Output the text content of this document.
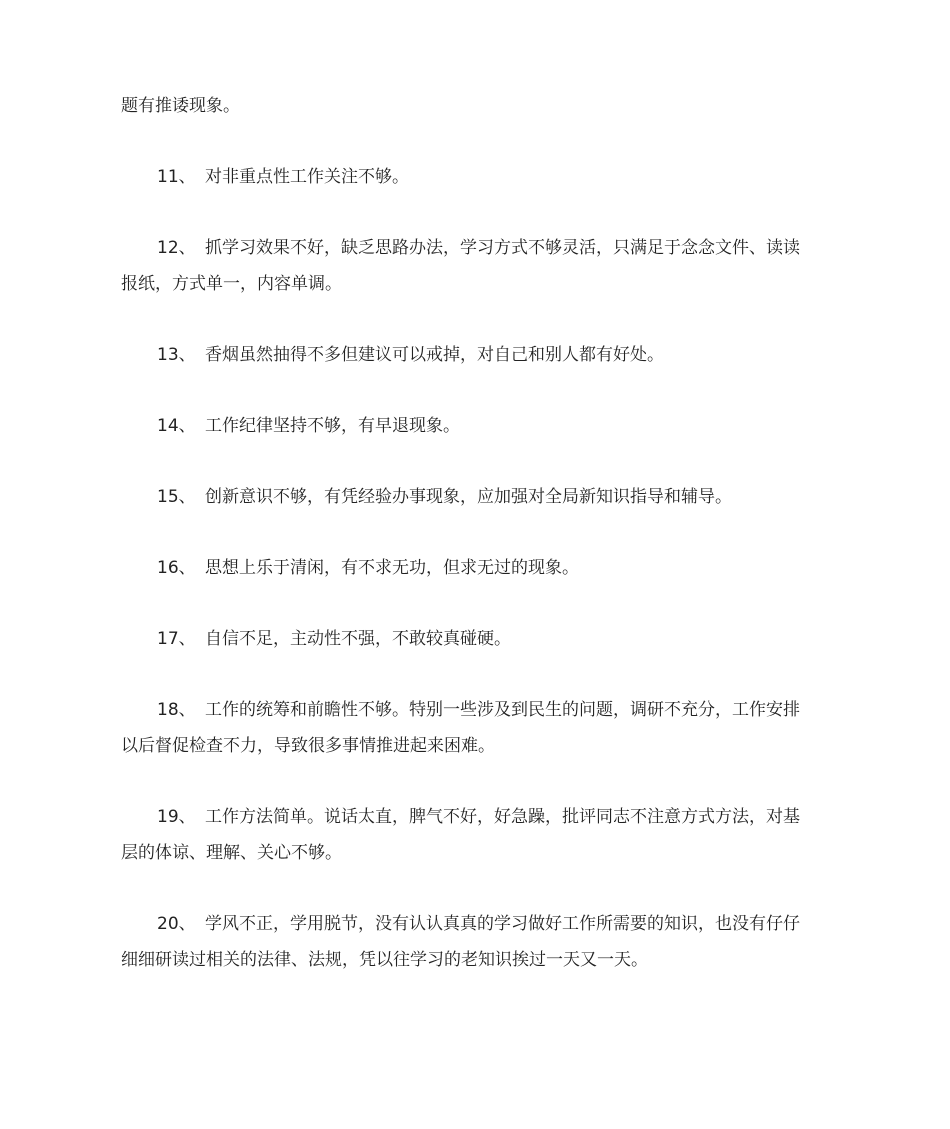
题有推诿现象。
11、 对非重点性工作关注不够。
12、 抓学习效果不好，缺乏思路办法，学习方式不够灵活，只满足于念念文件、读读
报纸，方式单一，内容单调。
13、 香烟虽然抽得不多但建议可以戒掉，对自己和别人都有好处。
14、 工作纪律坚持不够，有早退现象。
15、 创新意识不够，有凭经验办事现象，应加强对全局新知识指导和辅导。
16、 思想上乐于清闲，有不求无功，但求无过的现象。
17、 自信不足，主动性不强，不敢较真碰硬。
18、 工作的统筹和前瞻性不够。特别一些涉及到民生的问题，调研不充分，工作安排
以后督促检查不力，导致很多事情推进起来困难。
19、 工作方法简单。说话太直，脾气不好，好急躁，批评同志不注意方式方法，对基
层的体谅、理解、关心不够。
20、 学风不正，学用脱节，没有认认真真的学习做好工作所需要的知识，也没有仔仔
细细研读过相关的法律、法规，凭以往学习的老知识挨过一天又一天。
